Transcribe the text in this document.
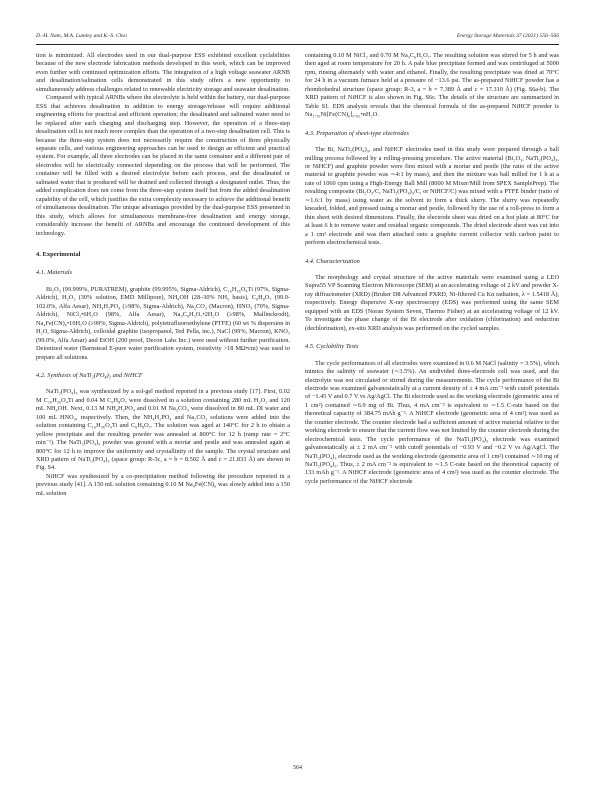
D.-H. Nam, M.A. Lumley and K.-S. Choi	Energy Storage Materials 37 (2021) 556–566

tion is minimized. All electrodes used in our dual-purpose ESS exhibited excellent cyclabilities because of the new electrode fabrication methods developed in this work, which can be improved even further with continued optimization efforts. The integration of a high voltage seawater ARNB and desalination/salination cells demonstrated in this study offers a new opportunity to simultaneously address challenges related to renewable electricity storage and seawater desalination.

Compared with typical ARNBs where the electrolyte is held within the battery, our dual-purpose ESS that achieves desalination in addition to energy storage/release will require additional engineering efforts for practical and efficient operation; the desalinated and salinated water need to be replaced after each charging and discharging step. However, the operation of a three-step desalination cell is not much more complex than the operation of a two-step desalination cell. This is because the three-step system does not necessarily require the construction of three physically separate cells, and various engineering approaches can be used to design an efficient and practical system. For example, all three electrodes can be placed in the same container and a different pair of electrodes will be electrically connected depending on the process that will be performed. The container will be filled with a desired electrolyte before each process, and the desalinated or salinated water that is produced will be drained and collected through a designated outlet. Thus, the added complication does not come from the three-step system itself but from the added desalination capability of the cell, which justifies the extra complexity necessary to achieve the additional benefit of simultaneous desalination. The unique advantages provided by the dual-purpose ESS presented in this study, which allows for simultaneous membrane-free desalination and energy storage, considerably increase the benefit of ARNBs and encourage the continued development of this technology.

4. Experimental
4.1. Materials

Bi₂O₃ (99.999%, PURATREM), graphite (99.995%, Sigma-Aldrich), C₁₆H₃₆O₄Ti (97%, Sigma-Aldrich), H₂O₂ (30% solution, EMD Millipore), NH₄OH (28–30% NH₃ basis), C₆H₈O₇ (99.0-102.0%, Alfa Aesar), NH₄H₂PO₄ (≥98%, Sigma-Aldrich), Na₂CO₃ (Macron), HNO₃ (70%, Sigma-Aldrich), NiCl₂•6H₂O (98%, Alfa Aesar), Na₃C₆H₅O₇•2H₂O (≥98%, Mallinckrodt), Na₄Fe(CN)₆•10H₂O (≥99%, Sigma-Aldrich), polytetrafluoroethylene (PTFE) (60 wt % dispersion in H₂O, Sigma-Aldrich), colloidal graphite (isopropanol, Ted Pella, inc.), NaCl (99%, Macron), KNO₃ (99.0%, Alfa Aesar) and EtOH (200 proof, Decon Labs Inc.) were used without further purification. Deionized water (Barnstead E-pure water purification system, resistivity >18 MΩ•cm) was used to prepare all solutions.

4.2. Synthesis of NaTi₂(PO₄)₃ and NiHCF

NaTi₂(PO₄)₃ was synthesized by a sol-gel method reported in a previous study [17]. First, 0.02 M C₁₆H₃₆O₄Ti and 0.04 M C₆H₈O₇ were dissolved in a solution containing 280 mL H₂O₂ and 120 mL NH₄OH. Next, 0.13 M NH₄H₂PO₄ and 0.01 M Na₂CO₃ were dissolved in 80 mL DI water and 100 mL HNO₃, respectively. Then, the NH₄H₂PO₄ and Na₂CO₃ solutions were added into the solution containing C₁₆H₃₆O₄Ti and C₆H₈O₇. The solution was aged at 140°C for 2 h to obtain a yellow precipitate and the resulting powder was annealed at 800°C for 12 h (ramp rate = 2°C min⁻¹). The NaTi₂(PO₄)₃ powder was ground with a mortar and pestle and was annealed again at 800°C for 12 h to improve the uniformity and crystallinity of the sample. The crystal structure and XRD pattern of NaTi₂(PO₄)₃ (space group: R-3c, a = b = 8.502 Å and c = 21.833 Å) are shown in Fig. S4.

NiHCF was synthesized by a co-precipitation method following the procedure reported in a previous study [41]. A 150 mL solution containing 0.10 M Na₄Fe(CN)₆ was slowly added into a 150 mL solution

containing 0.10 M NiCl₂ and 0.70 M Na₃C₆H₅O₇. The resulting solution was stirred for 5 h and was then aged at room temperature for 20 h. A pale blue precipitate formed and was centrifuged at 5000 rpm, rinsing alternately with water and ethanol. Finally, the resulting precipitate was dried at 70°C for 24 h in a vacuum furnace held at a pressure of −13.6 psi. The as-prepared NiHCF powder has a rhombohedral structure (space group: R-3, a = b = 7.389 Å and c = 17.310 Å) (Fig. S6a-b). The XRD pattern of NiHCF is also shown in Fig. S6c. The details of the structure are summarized in Table S1. EDS analysis reveals that the chemical formula of the as-prepared NiHCF powder is Na₁.₂₀Ni[Fe(CN)₆]₀.₈₅•nH₂O.

4.3. Preparation of sheet-type electrodes

The Bi, NaTi₂(PO₄)₃, and NiHCF electrodes used in this study were prepared through a ball milling process followed by a rolling-pressing procedure. The active material (Bi₂O₃, NaTi₂(PO₄)₃, or NiHCF) and graphite powder were first mixed with a mortar and pestle (the ratio of the active material to graphite powder was ∼4:1 by mass), and then the mixture was ball milled for 1 h at a rate of 1060 cpm using a High-Energy Ball Mill (8000 M Mixer/Mill from SPEX SamplePrep). The resulting composite (Bi₂O₃/C, NaTi₂(PO₄)₃/C, or NiHCF/C) was mixed with a PTFE binder (ratio of ∼1.6:1 by mass) using water as the solvent to form a thick slurry. The slurry was repeatedly kneaded, folded, and pressed using a mortar and pestle, followed by the use of a roll-press to form a thin sheet with desired dimensions. Finally, the electrode sheet was dried on a hot plate at 80°C for at least 6 h to remove water and residual organic compounds. The dried electrode sheet was cut into a 1 cm² electrode and was then attached onto a graphite current collector with carbon paint to perform electrochemical tests.

4.4. Characterization

The morphology and crystal structure of the active materials were examined using a LEO Supra55 VP Scanning Electron Microscope (SEM) at an accelerating voltage of 2 kV and powder X-ray diffractometer (XRD) (Bruker D8 Advanced PXRD, Ni-filtered Cu Kα radiation, λ = 1.5418 Å), respectively. Energy dispersive X-ray spectroscopy (EDS) was performed using the same SEM equipped with an EDS (Noran System Seven, Thermo Fisher) at an accelerating voltage of 12 kV. To investigate the phase change of the Bi electrode after oxidation (chlorination) and reduction (dechlorination), ex-situ XRD analysis was performed on the cycled samples.

4.5. Cyclability Tests

The cycle performances of all electrodes were examined in 0.6 M NaCl (salinity = 3.5%), which mimics the salinity of seawater (∼3.5%). An undivided three-electrode cell was used, and the electrolyte was not circulated or stirred during the measurements. The cycle performance of the Bi electrode was examined galvanostatically at a current density of ± 4 mA cm⁻² with cutoff potentials of −1.45 V and 0.7 V vs Ag/AgCl. The Bi electrode used as the working electrode (geometric area of 1 cm²) contained ∼6.9 mg of Bi. Thus, 4 mA cm⁻² is equivalent to ∼1.5 C-rate based on the theoretical capacity of 384.75 mAh g⁻¹. A NiHCF electrode (geometric area of 4 cm²) was used as the counter electrode. The counter electrode had a sufficient amount of active material relative to the working electrode to ensure that the current flow was not limited by the counter electrode during the electrochemical tests. The cycle performance of the NaTi₂(PO₄)₃ electrode was examined galvanostatically at ± 2 mA cm⁻² with cutoff potentials of −0.93 V and −0.2 V vs Ag/AgCl. The NaTi₂(PO₄)₃ electrode used as the working electrode (geometric area of 1 cm²) contained ∼10 mg of NaTi₂(PO₄)₃. Thus, ± 2 mA cm⁻² is equivalent to ∼1.5 C-rate based on the theoretical capacity of 133 mAh g⁻¹. A NiHCF electrode (geometric area of 4 cm²) was used as the counter electrode. The cycle performance of the NiHCF electrode

564
